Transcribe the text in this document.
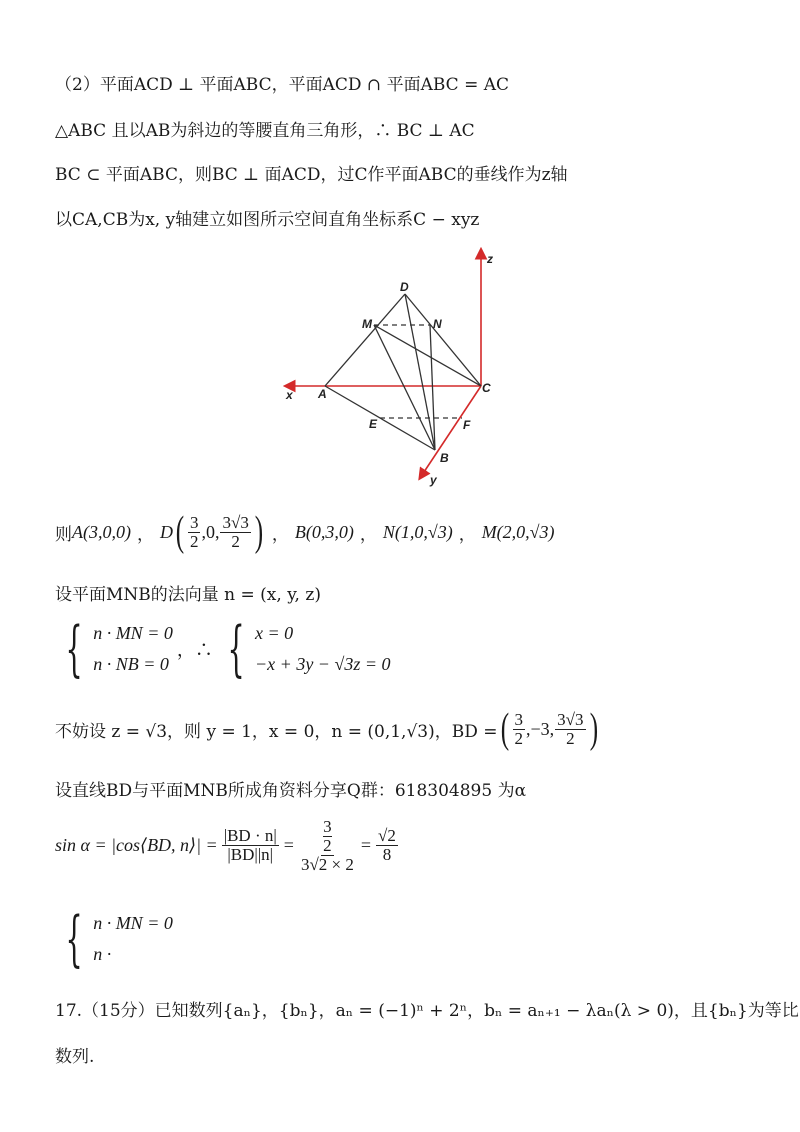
（2）平面ACD ⊥ 平面ABC，平面ACD ∩ 平面ABC = AC
△ABC 且以AB为斜边的等腰直角三角形，∴ BC ⊥ AC
BC ⊂ 平面ABC，则BC ⊥ 面ACD，过C作平面ABC的垂线作为z轴
以CA,CB为x, y轴建立如图所示空间直角坐标系C − xyz
D
M	N
A	C
E	F
B
x
y
z
则 A(3,0,0) ， D ( $\frac{3}{2} ,0$, $\frac{3√3}{2}$ ) ， B(0,3,0) ， N(1,0,√3) ， M(2,0,√3)
设平面MNB的法向量 n = (x, y, z)
{ n · MN = 0
n · NB = 0
，∴ { x = 0
−x + 3y − √3z = 0
不妨设 z = √3，则 y = 1，x = 0，n = (0,1,√3)，BD = ( $\frac{3}{2} ,-3$, $\frac{3√3}{2}$ )
设直线BD与平面MNB所成角资料分享Q群：618304895 为α
sin α = |cos⟨BD, n⟩| = $\frac{|BD \cdot n|}{|BD||n|} = \frac{\frac{3}{2}}{3√2 \times 2} = \frac{√2}{8}$
{ n · MN = 0
n ·
17.（15分）已知数列{aₙ}，{bₙ}，aₙ = (−1)ⁿ + 2ⁿ，bₙ = aₙ₊₁ − λaₙ(λ > 0)，且{bₙ}为等比
数列.
